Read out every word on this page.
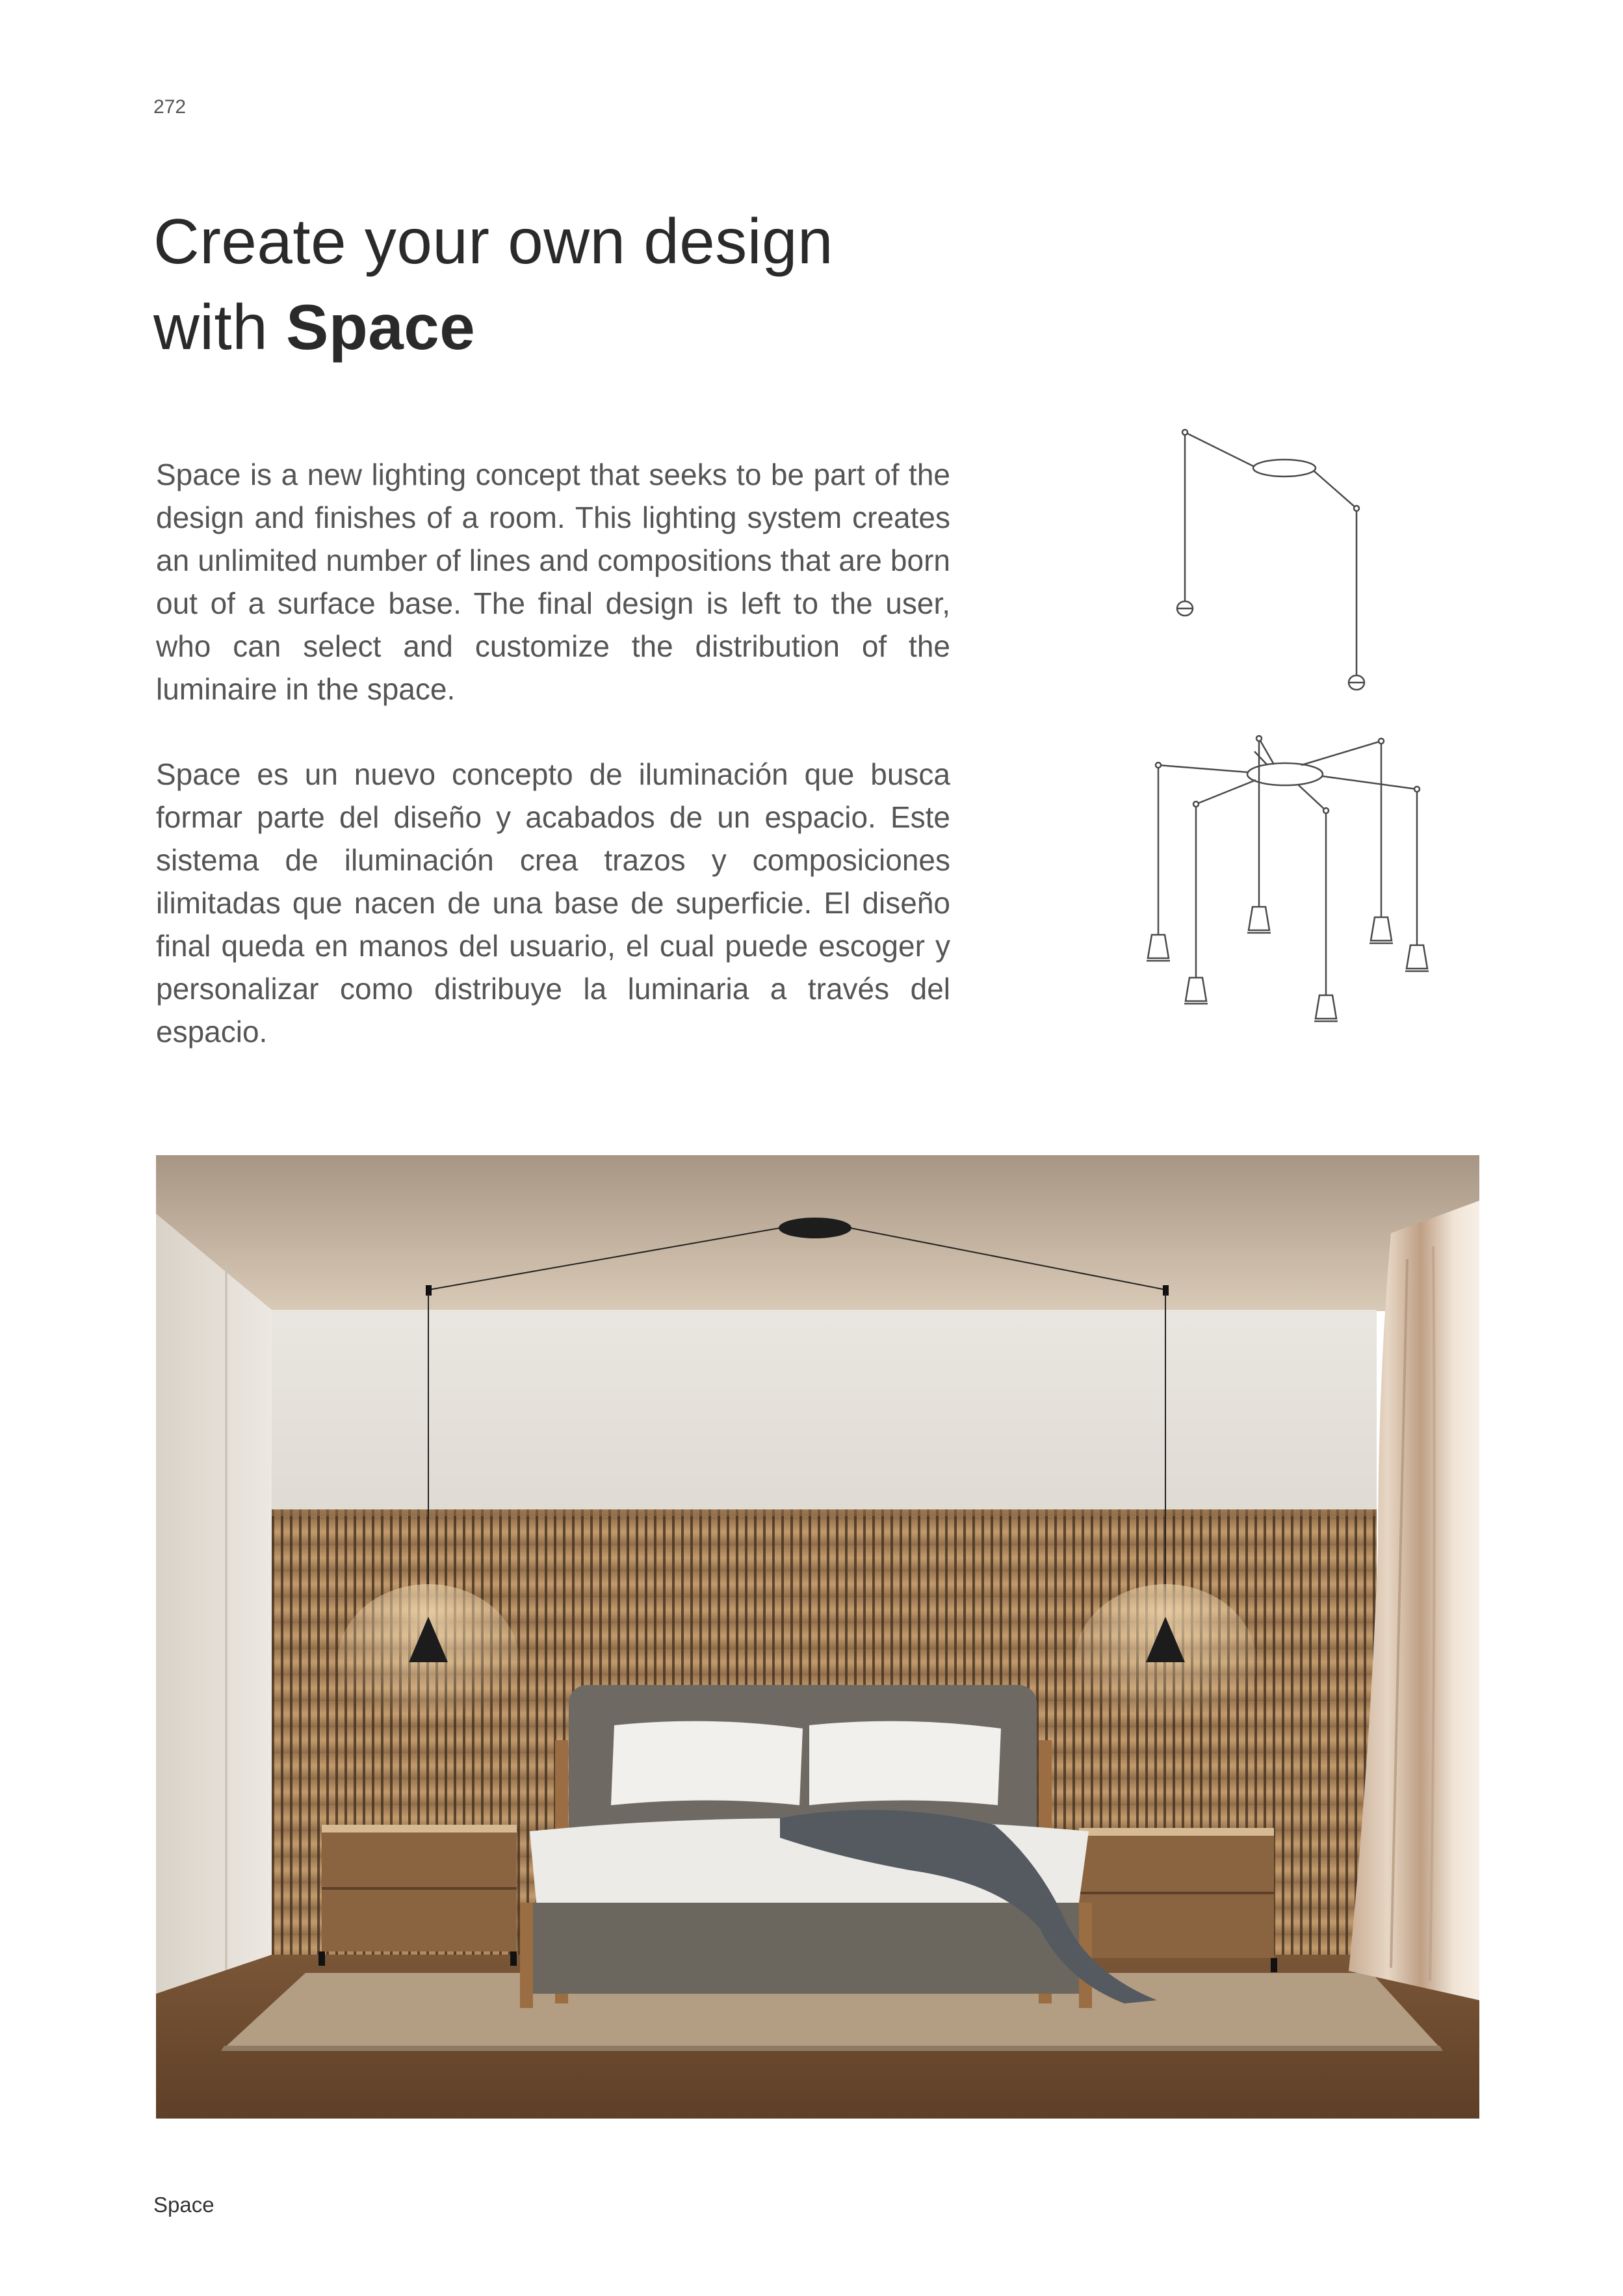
272
Create your own design
with Space

Space is a new lighting concept that seeks to be part of the design and finishes of a room. This lighting system creates an unlimited number of lines and compositions that are born out of a surface base. The final design is left to the user, who can select and customize the distribution of the luminaire in the space.

Space es un nuevo concepto de iluminación que busca formar parte del diseño y acabados de un espacio. Este sistema de iluminación crea trazos y composiciones ilimitadas que nacen de una base de superficie. El diseño final queda en manos del usuario, el cual puede escoger y personalizar como distribuye la luminaria a través del espacio.

Space
